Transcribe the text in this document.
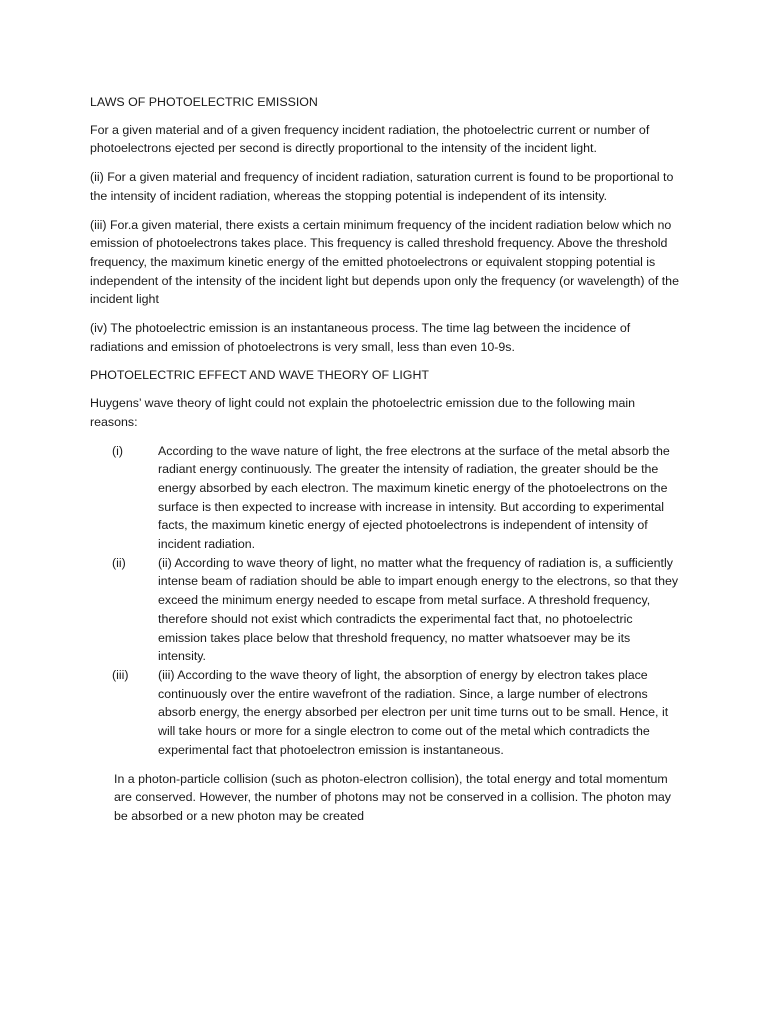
LAWS OF PHOTOELECTRIC EMISSION

For a given material and of a given frequency incident radiation, the photoelectric current or number of photoelectrons ejected per second is directly proportional to the intensity of the incident light.

(ii) For a given material and frequency of incident radiation, saturation current is found to be proportional to the intensity of incident radiation, whereas the stopping potential is independent of its intensity.

(iii) For.a given material, there exists a certain minimum frequency of the incident radiation below which no emission of photoelectrons takes place. This frequency is called threshold frequency. Above the threshold frequency, the maximum kinetic energy of the emitted photoelectrons or equivalent stopping potential is independent of the intensity of the incident light but depends upon only the frequency (or wavelength) of the incident light

(iv) The photoelectric emission is an instantaneous process. The time lag between the incidence of radiations and emission of photoelectrons is very small, less than even 10-9s.

PHOTOELECTRIC EFFECT AND WAVE THEORY OF LIGHT

Huygens’ wave theory of light could not explain the photoelectric emission due to the following main reasons:

(i)	According to the wave nature of light, the free electrons at the surface of the metal absorb the radiant energy continuously. The greater the intensity of radiation, the greater should be the energy absorbed by each electron. The maximum kinetic energy of the photoelectrons on the surface is then expected to increase with increase in intensity. But according to experimental facts, the maximum kinetic energy of ejected photoelectrons is independent of intensity of incident radiation.
(ii)	(ii) According to wave theory of light, no matter what the frequency of radiation is, a sufficiently intense beam of radiation should be able to impart enough energy to the electrons, so that they exceed the minimum energy needed to escape from metal surface. A threshold frequency, therefore should not exist which contradicts the experimental fact that, no photoelectric emission takes place below that threshold frequency, no matter whatsoever may be its intensity.
(iii) (iii) According to the wave theory of light, the absorption of energy by electron takes place continuously over the entire wavefront of the radiation. Since, a large number of electrons absorb energy, the energy absorbed per electron per unit time turns out to be small. Hence, it will take hours or more for a single electron to come out of the metal which contradicts the experimental fact that photoelectron emission is instantaneous.

In a photon-particle collision (such as photon-electron collision), the total energy and total momentum are conserved. However, the number of photons may not be conserved in a collision. The photon may be absorbed or a new photon may be created
